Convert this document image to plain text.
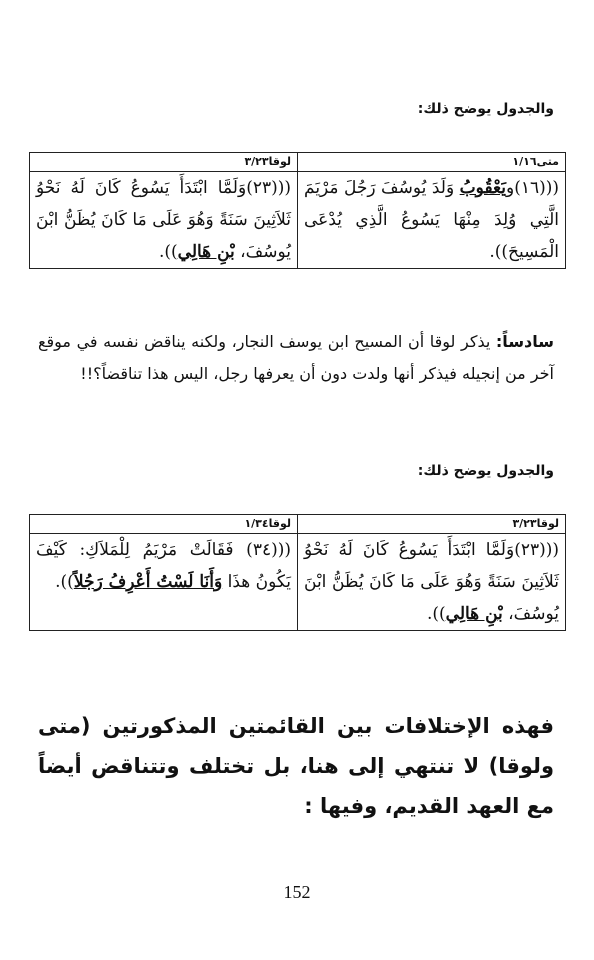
والجدول يوضح ذلك:
متى١/١٦	لوقا٣/٢٣
(((١٦)ويَعْقُوبُ وَلَدَ يُوسُفَ رَجُلَ مَرْيَمَ الَّتِي وُلِدَ مِنْهَا يَسُوعُ الَّذِي يُدْعَى الْمَسِيحَ)).	(((٢٣)وَلَمَّا ابْتَدَأَ يَسُوعُ كَانَ لَهُ نَحْوُ ثَلاَثِينَ سَنَةً وَهُوَ عَلَى مَا كَانَ يُظَنُّ ابْنَ يُوسُفَ، بْنِ هَالِي)).
سادساً: يذكر لوقا أن المسيح ابن يوسف النجار، ولكنه يناقض نفسه في موقع آخر من إنجيله فيذكر أنها ولدت دون أن يعرفها رجل، اليس هذا تناقضاً؟!!
والجدول يوضح ذلك:
لوقا٣/٢٣	لوقا١/٣٤
(((٢٣)وَلَمَّا ابْتَدَأَ يَسُوعُ كَانَ لَهُ نَحْوُ ثَلاَثِينَ سَنَةً وَهُوَ عَلَى مَا كَانَ يُظَنُّ ابْنَ يُوسُفَ، بْنِ هَالِي)).	(((٣٤) فَقَالَتْ مَرْيَمُ لِلْمَلاَكِ: كَيْفَ يَكُونُ هذَا وَأَنَا لَسْتُ أَعْرِفُ رَجُلاً)).
فهذه الإختلافات بين القائمتين المذكورتين (متى ولوقا) لا تنتهي إلى هنا، بل تختلف وتتناقض أيضاً مع العهد القديم، وفيها :
152
